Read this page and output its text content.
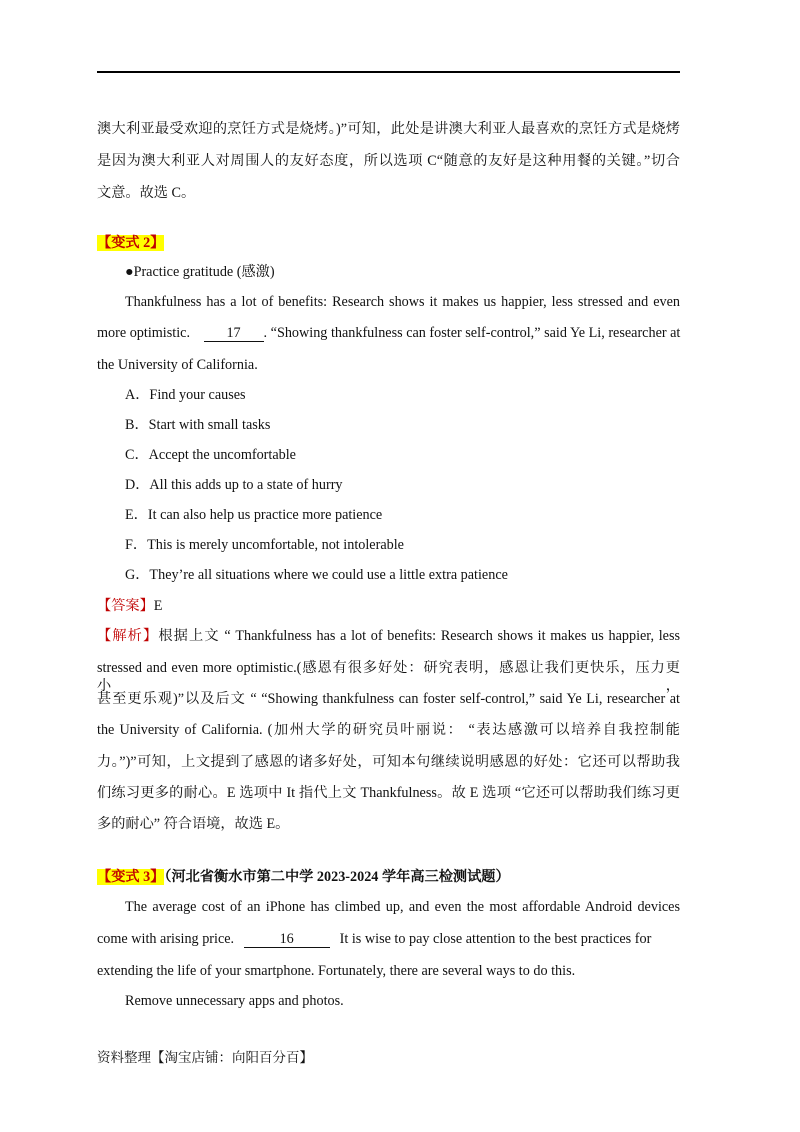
澳大利亚最受欢迎的烹饪方式是烧烤。)”可知，此处是讲澳大利亚人最喜欢的烹饪方式是烧烤
是因为澳大利亚人对周围人的友好态度，所以选项 C“随意的友好是这种用餐的关键。”切合
文意。故选 C。
【变式 2】
●Practice gratitude (感激)
Thankfulness has a lot of benefits: Research shows it makes us happier, less stressed and even
more optimistic.	17 . “Showing thankfulness can foster self-control,” said Ye Li, researcher at
the University of California.
A．Find your causes
B．Start with small tasks
C．Accept the uncomfortable
D．All this adds up to a state of hurry
E．It can also help us practice more patience
F．This is merely uncomfortable, not intolerable
G．They’re all situations where we could use a little extra patience
【答案】E
【解析】根据上文 “ Thankfulness has a lot of benefits: Research shows it makes us happier, less
stressed and even more optimistic.(感恩有很多好处：研究表明，感恩让我们更快乐，压力更小，
甚至更乐观)”以及后文 “ “Showing thankfulness can foster self-control,” said Ye Li, researcher at
the University of California. (加州大学的研究员叶丽说： “表达感激可以培养自我控制能
力。”)”可知，上文提到了感恩的诸多好处，可知本句继续说明感恩的好处：它还可以帮助我
们练习更多的耐心。E 选项中 It 指代上文 Thankfulness。故 E 选项 “它还可以帮助我们练习更
多的耐心” 符合语境，故选 E。
【变式 3】（河北省衡水市第二中学 2023-2024 学年高三检测试题）
The average cost of an iPhone has climbed up, and even the most affordable Android devices
come with arising price.	16	It is wise to pay close attention to the best practices for
extending the life of your smartphone. Fortunately, there are several ways to do this.
Remove unnecessary apps and photos.
资料整理【淘宝店铺：向阳百分百】
